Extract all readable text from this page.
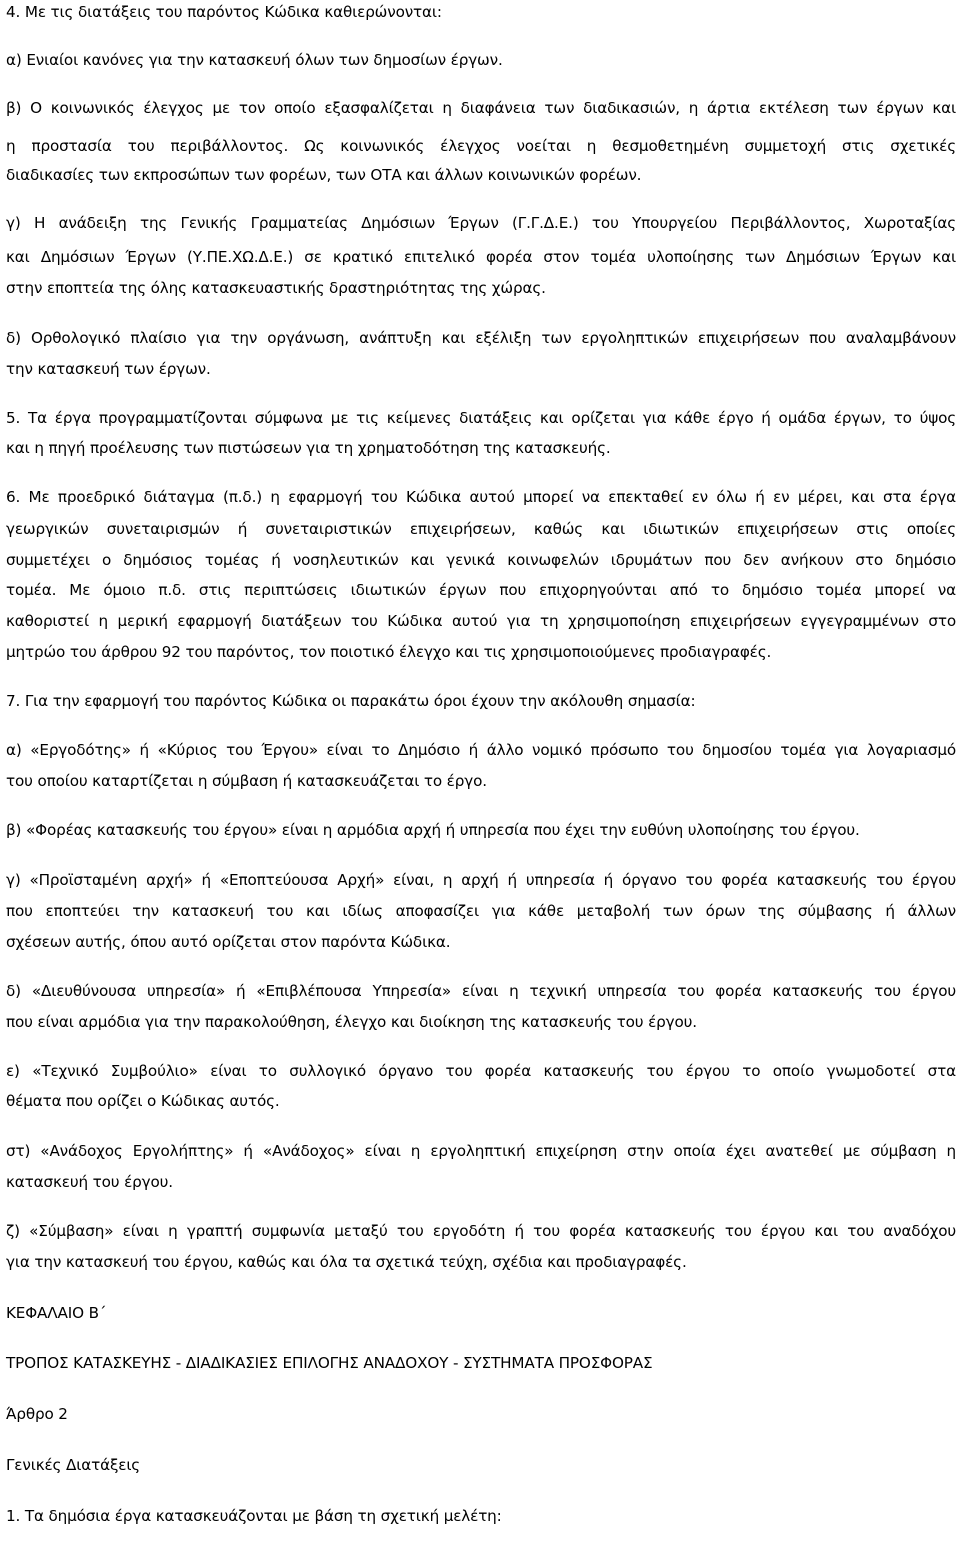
4. Με τις διατάξεις του παρόντος Κώδικα καθιερώνονται:
α) Ενιαίοι κανόνες για την κατασκευή όλων των δημοσίων έργων.
β) Ο κοινωνικός έλεγχος με τον οποίο εξασφαλίζεται η διαφάνεια των διαδικασιών, η άρτια εκτέλεση των έργων και
η προστασία του περιβάλλοντος. Ως κοινωνικός έλεγχος νοείται η θεσμοθετημένη συμμετοχή στις σχετικές
διαδικασίες των εκπροσώπων των φορέων, των ΟΤΑ και άλλων κοινωνικών φορέων.
γ) Η ανάδειξη της Γενικής Γραμματείας Δημόσιων Έργων (Γ.Γ.Δ.Ε.) του Υπουργείου Περιβάλλοντος, Χωροταξίας
και Δημόσιων Έργων (Υ.ΠΕ.ΧΩ.Δ.Ε.) σε κρατικό επιτελικό φορέα στον τομέα υλοποίησης των Δημόσιων Έργων και
στην εποπτεία της όλης κατασκευαστικής δραστηριότητας της χώρας.
δ) Ορθολογικό πλαίσιο για την οργάνωση, ανάπτυξη και εξέλιξη των εργοληπτικών επιχειρήσεων που αναλαμβάνουν
την κατασκευή των έργων.
5. Τα έργα προγραμματίζονται σύμφωνα με τις κείμενες διατάξεις και ορίζεται για κάθε έργο ή ομάδα έργων, το ύψος
και η πηγή προέλευσης των πιστώσεων για τη χρηματοδότηση της κατασκευής.
6. Με προεδρικό διάταγμα (π.δ.) η εφαρμογή του Κώδικα αυτού μπορεί να επεκταθεί εν όλω ή εν μέρει, και στα έργα
γεωργικών συνεταιρισμών ή συνεταιριστικών επιχειρήσεων, καθώς και ιδιωτικών επιχειρήσεων στις οποίες
συμμετέχει ο δημόσιος τομέας ή νοσηλευτικών και γενικά κοινωφελών ιδρυμάτων που δεν ανήκουν στο δημόσιο
τομέα. Με όμοιο π.δ. στις περιπτώσεις ιδιωτικών έργων που επιχορηγούνται από το δημόσιο τομέα μπορεί να
καθοριστεί η μερική εφαρμογή διατάξεων του Κώδικα αυτού για τη χρησιμοποίηση επιχειρήσεων εγγεγραμμένων στο
μητρώο του άρθρου 92 του παρόντος, τον ποιοτικό έλεγχο και τις χρησιμοποιούμενες προδιαγραφές.
7. Για την εφαρμογή του παρόντος Κώδικα οι παρακάτω όροι έχουν την ακόλουθη σημασία:
α) «Εργοδότης» ή «Κύριος του Έργου» είναι το Δημόσιο ή άλλο νομικό πρόσωπο του δημοσίου τομέα για λογαριασμό
του οποίου καταρτίζεται η σύμβαση ή κατασκευάζεται το έργο.
β) «Φορέας κατασκευής του έργου» είναι η αρμόδια αρχή ή υπηρεσία που έχει την ευθύνη υλοποίησης του έργου.
γ) «Προϊσταμένη αρχή» ή «Εποπτεύουσα Αρχή» είναι, η αρχή ή υπηρεσία ή όργανο του φορέα κατασκευής του έργου
που εποπτεύει την κατασκευή του και ιδίως αποφασίζει για κάθε μεταβολή των όρων της σύμβασης ή άλλων
σχέσεων αυτής, όπου αυτό ορίζεται στον παρόντα Κώδικα.
δ) «Διευθύνουσα υπηρεσία» ή «Επιβλέπουσα Υπηρεσία» είναι η τεχνική υπηρεσία του φορέα κατασκευής του έργου
που είναι αρμόδια για την παρακολούθηση, έλεγχο και διοίκηση της κατασκευής του έργου.
ε) «Τεχνικό Συμβούλιο» είναι το συλλογικό όργανο του φορέα κατασκευής του έργου το οποίο γνωμοδοτεί στα
θέματα που ορίζει ο Κώδικας αυτός.
στ) «Ανάδοχος Εργολήπτης» ή «Ανάδοχος» είναι η εργοληπτική επιχείρηση στην οποία έχει ανατεθεί με σύμβαση η
κατασκευή του έργου.
ζ) «Σύμβαση» είναι η γραπτή συμφωνία μεταξύ του εργοδότη ή του φορέα κατασκευής του έργου και του αναδόχου
για την κατασκευή του έργου, καθώς και όλα τα σχετικά τεύχη, σχέδια και προδιαγραφές.
ΚΕΦΑΛΑΙΟ Β΄
ΤΡΟΠΟΣ ΚΑΤΑΣΚΕΥΗΣ - ΔΙΑΔΙΚΑΣΙΕΣ ΕΠΙΛΟΓΗΣ ΑΝΑΔΟΧΟΥ - ΣΥΣΤΗΜΑΤΑ ΠΡΟΣΦΟΡΑΣ
Άρθρο 2
Γενικές Διατάξεις
1. Τα δημόσια έργα κατασκευάζονται με βάση τη σχετική μελέτη:
